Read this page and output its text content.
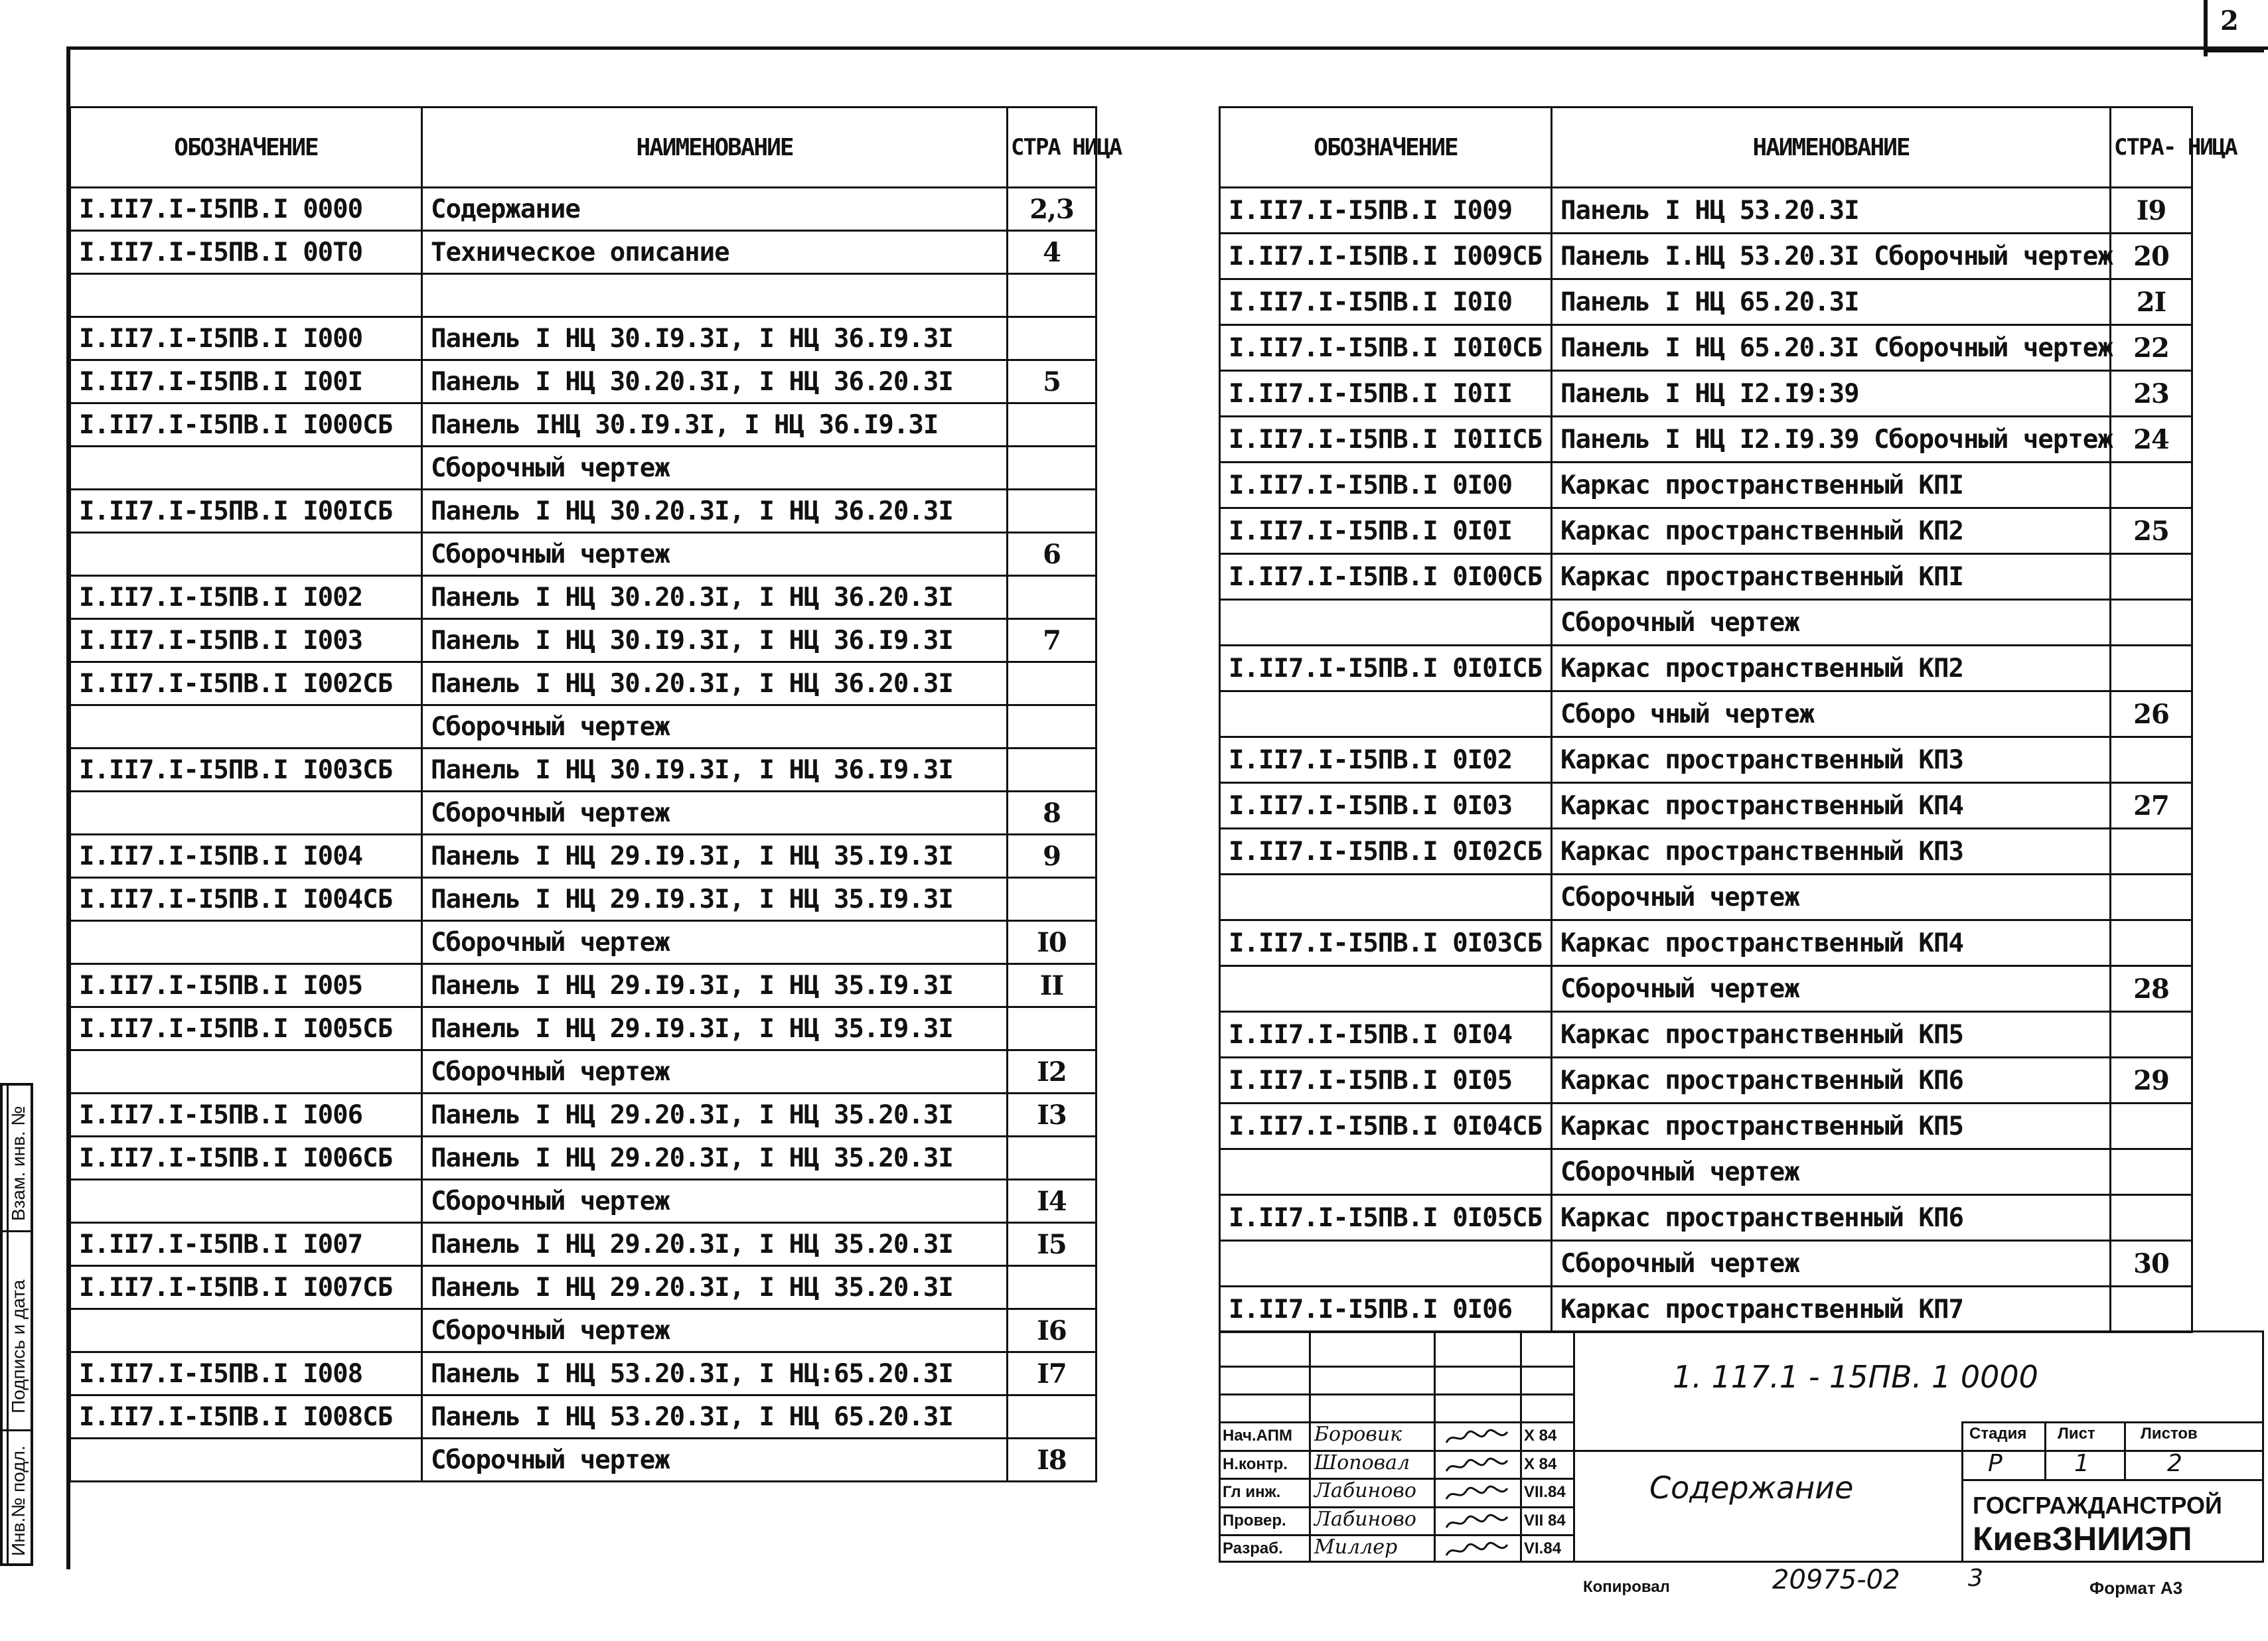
2
ОБОЗНАЧЕНИЕ	НАИМЕНОВАНИЕ	СТРА НИЦА
I.II7.I-I5ПВ.I 0000	Содержание	2,3
I.II7.I-I5ПВ.I 00Т0	Техническое описание	4

I.II7.I-I5ПВ.I I000	Панель I НЦ 30.I9.3I, I НЦ 36.I9.3I	
I.II7.I-I5ПВ.I I00I	Панель I НЦ 30.20.3I, I НЦ 36.20.3I	5
I.II7.I-I5ПВ.I I000СБ	Панель IНЦ 30.I9.3I, I НЦ 36.I9.3I	
	Сборочный чертеж	
I.II7.I-I5ПВ.I I00IСБ	Панель I НЦ 30.20.3I, I НЦ 36.20.3I	
	Сборочный чертеж	6
I.II7.I-I5ПВ.I I002	Панель I НЦ 30.20.3I, I НЦ 36.20.3I	
I.II7.I-I5ПВ.I I003	Панель I НЦ 30.I9.3I, I НЦ 36.I9.3I	7
I.II7.I-I5ПВ.I I002СБ	Панель I НЦ 30.20.3I, I НЦ 36.20.3I	
	Сборочный чертеж	
I.II7.I-I5ПВ.I I003СБ	Панель I НЦ 30.I9.3I, I НЦ 36.I9.3I	
	Сборочный чертеж	8
I.II7.I-I5ПВ.I I004	Панель I НЦ 29.I9.3I, I НЦ 35.I9.3I	9
I.II7.I-I5ПВ.I I004СБ	Панель I НЦ 29.I9.3I, I НЦ 35.I9.3I	
	Сборочный чертеж	I0
I.II7.I-I5ПВ.I I005	Панель I НЦ 29.I9.3I, I НЦ 35.I9.3I	II
I.II7.I-I5ПВ.I I005СБ	Панель I НЦ 29.I9.3I, I НЦ 35.I9.3I	
	Сборочный чертеж	I2
I.II7.I-I5ПВ.I I006	Панель I НЦ 29.20.3I, I НЦ 35.20.3I	I3
I.II7.I-I5ПВ.I I006СБ	Панель I НЦ 29.20.3I, I НЦ 35.20.3I	
	Сборочный чертеж	I4
I.II7.I-I5ПВ.I I007	Панель I НЦ 29.20.3I, I НЦ 35.20.3I	I5
I.II7.I-I5ПВ.I I007СБ	Панель I НЦ 29.20.3I, I НЦ 35.20.3I	
	Сборочный чертеж	I6
I.II7.I-I5ПВ.I I008	Панель I НЦ 53.20.3I, I НЦ:65.20.3I	I7
I.II7.I-I5ПВ.I I008СБ	Панель I НЦ 53.20.3I, I НЦ 65.20.3I	
	Сборочный чертеж	I8
ОБОЗНАЧЕНИЕ	НАИМЕНОВАНИЕ	СТРА- НИЦА
I.II7.I-I5ПВ.I I009	Панель I НЦ 53.20.3I	I9
I.II7.I-I5ПВ.I I009СБ	Панель I.НЦ 53.20.3I Сборочный чертеж	20
I.II7.I-I5ПВ.I I0I0	Панель I НЦ 65.20.3I	2I
I.II7.I-I5ПВ.I I0I0СБ	Панель I НЦ 65.20.3I Сборочный чертеж	22
I.II7.I-I5ПВ.I I0II	Панель I НЦ I2.I9:39	23
I.II7.I-I5ПВ.I I0IIСБ	Панель I НЦ I2.I9.39 Сборочный чертеж	24
I.II7.I-I5ПВ.I 0I00	Каркас пространственный КПI	
I.II7.I-I5ПВ.I 0I0I	Каркас пространственный КП2	25
I.II7.I-I5ПВ.I 0I00СБ	Каркас пространственный КПI	
	Сборочный чертеж	
I.II7.I-I5ПВ.I 0I0IСБ	Каркас пространственный КП2	
	Сборо чный чертеж	26
I.II7.I-I5ПВ.I 0I02	Каркас пространственный КП3	
I.II7.I-I5ПВ.I 0I03	Каркас пространственный КП4	27
I.II7.I-I5ПВ.I 0I02СБ	Каркас пространственный КП3	
	Сборочный чертеж	
I.II7.I-I5ПВ.I 0I03СБ	Каркас пространственный КП4	
	Сборочный чертеж	28
I.II7.I-I5ПВ.I 0I04	Каркас пространственный КП5	
I.II7.I-I5ПВ.I 0I05	Каркас пространственный КП6	29
I.II7.I-I5ПВ.I 0I04СБ	Каркас пространственный КП5	
	Сборочный чертеж	
I.II7.I-I5ПВ.I 0I05СБ	Каркас пространственный КП6	
	Сборочный чертеж	30
I.II7.I-I5ПВ.I 0I06	Каркас пространственный КП7	
Взам. инв. №
Подпись и дата
Инв.№ подл.
1. 117.1 - 15ПВ. 1 0000
Содержание
Стадия Лист	Листов
Р	1	2
ГОСГРАЖДАНСТРОЙ
КиевЗНИИЭП
Нач.АПМ Боровик	Х 84
Н.контр. Шоповал	Х 84
Гл инж. Лабиново	VII.84
Провер. Лабиново	VII 84
Разраб. Миллер	VI.84
Копировал	20975-02	3	Формат А3
